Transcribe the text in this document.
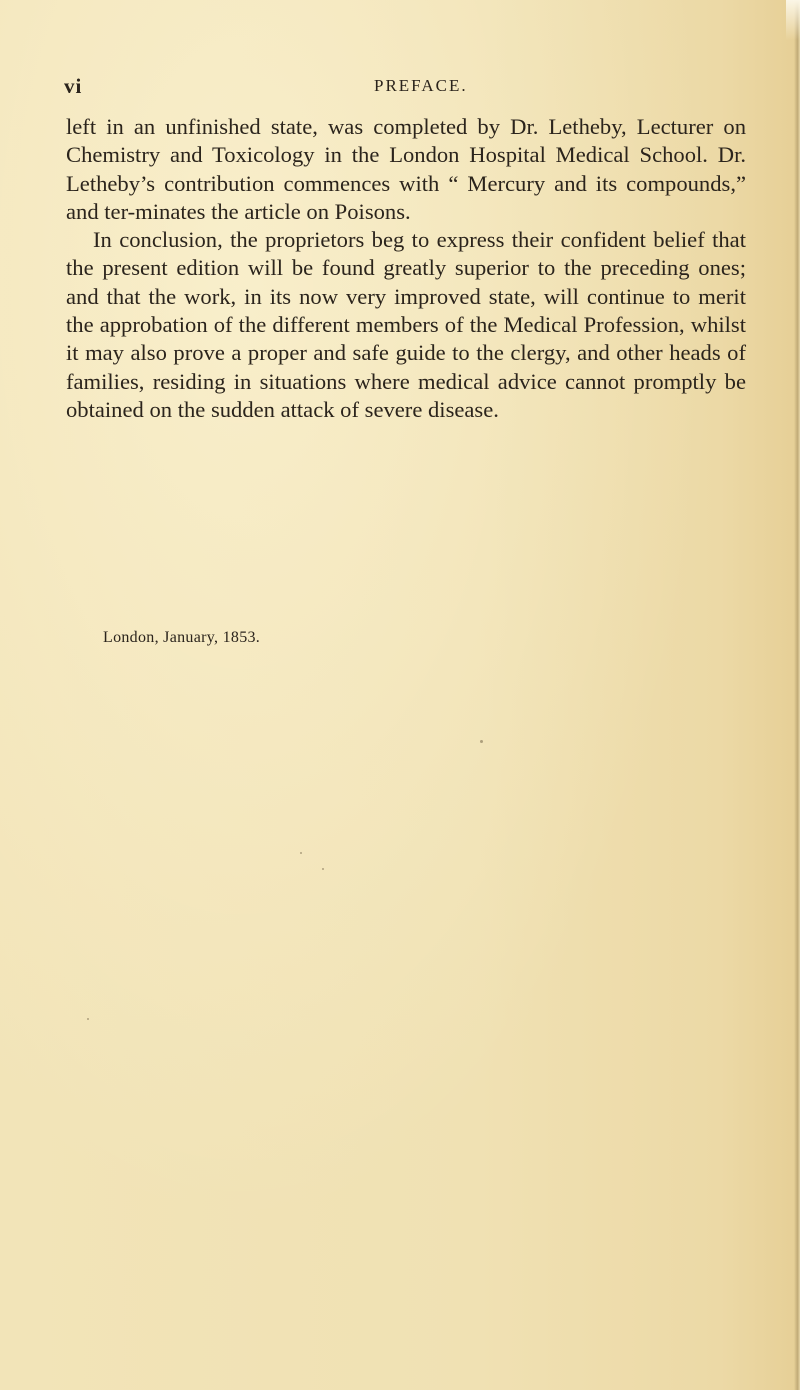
vi	PREFACE.

left in an unfinished state, was completed by Dr. Letheby, Lecturer on Chemistry and Toxicology in the London Hospital Medical School. Dr. Letheby’s contribution commences with “ Mercury and its compounds,” and ter-minates the article on Poisons.

In conclusion, the proprietors beg to express their confident belief that the present edition will be found greatly superior to the preceding ones; and that the work, in its now very improved state, will continue to merit the approbation of the different members of the Medical Profession, whilst it may also prove a proper and safe guide to the clergy, and other heads of families, residing in situations where medical advice cannot promptly be obtained on the sudden attack of severe disease.

London, January, 1853.
